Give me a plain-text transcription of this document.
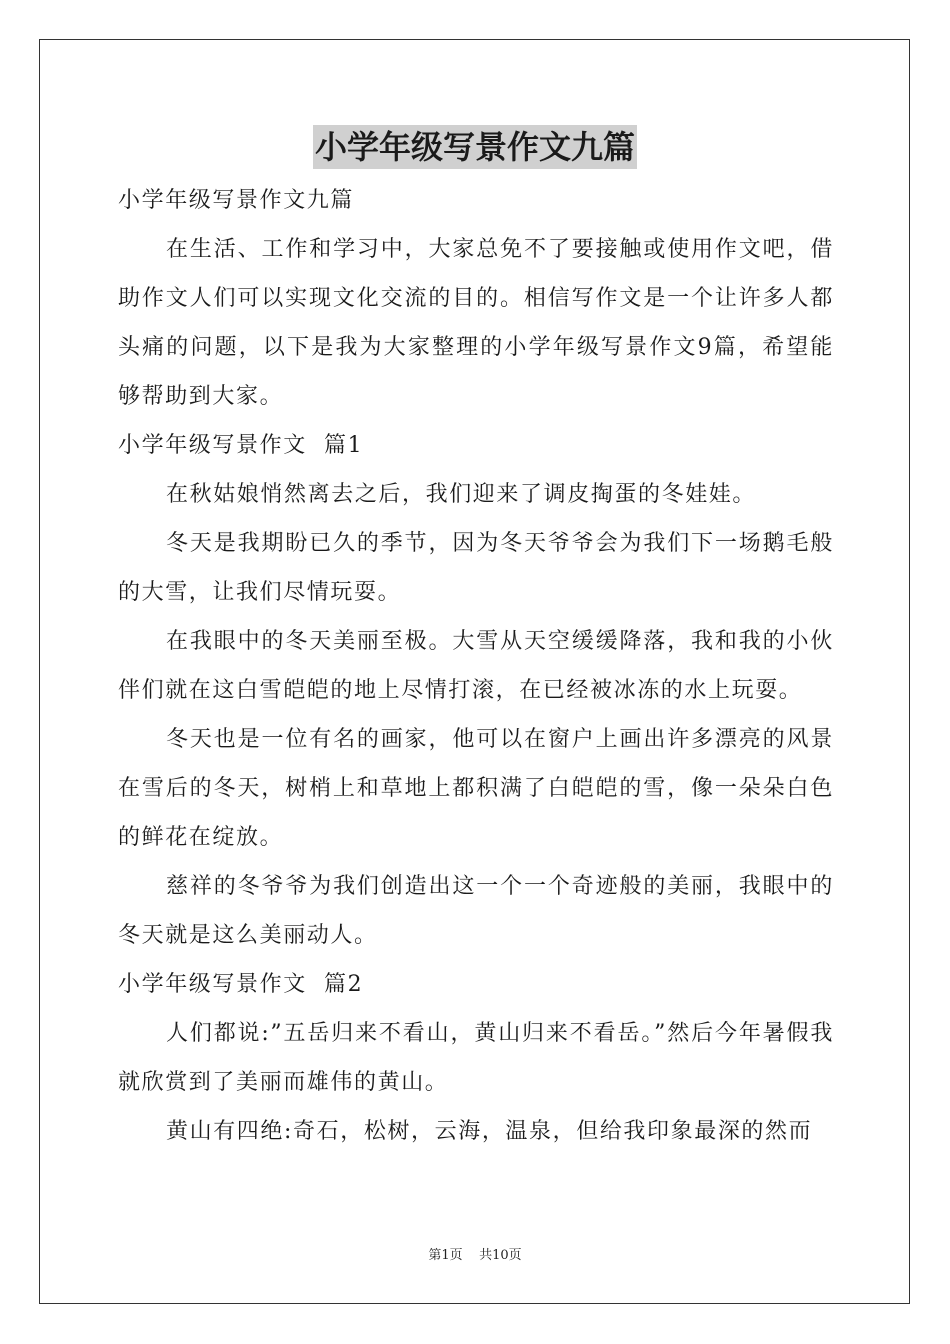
小学年级写景作文九篇

小学年级写景作文九篇

在生活、工作和学习中，大家总免不了要接触或使用作文吧，借助作文人们可以实现文化交流的目的。相信写作文是一个让许多人都头痛的问题，以下是我为大家整理的小学年级写景作文9篇，希望能够帮助到大家。

小学年级写景作文  篇1

在秋姑娘悄然离去之后，我们迎来了调皮掏蛋的冬娃娃。

冬天是我期盼已久的季节，因为冬天爷爷会为我们下一场鹅毛般的大雪，让我们尽情玩耍。

在我眼中的冬天美丽至极。大雪从天空缓缓降落，我和我的小伙伴们就在这白雪皑皑的地上尽情打滚，在已经被冰冻的水上玩耍。

冬天也是一位有名的画家，他可以在窗户上画出许多漂亮的风景在雪后的冬天，树梢上和草地上都积满了白皑皑的雪，像一朵朵白色的鲜花在绽放。

慈祥的冬爷爷为我们创造出这一个一个奇迹般的美丽，我眼中的冬天就是这么美丽动人。

小学年级写景作文  篇2

人们都说:”五岳归来不看山，黄山归来不看岳。”然后今年暑假我就欣赏到了美丽而雄伟的黄山。

黄山有四绝:奇石，松树，云海，温泉，但给我印象最深的然而

第1页    共10页
